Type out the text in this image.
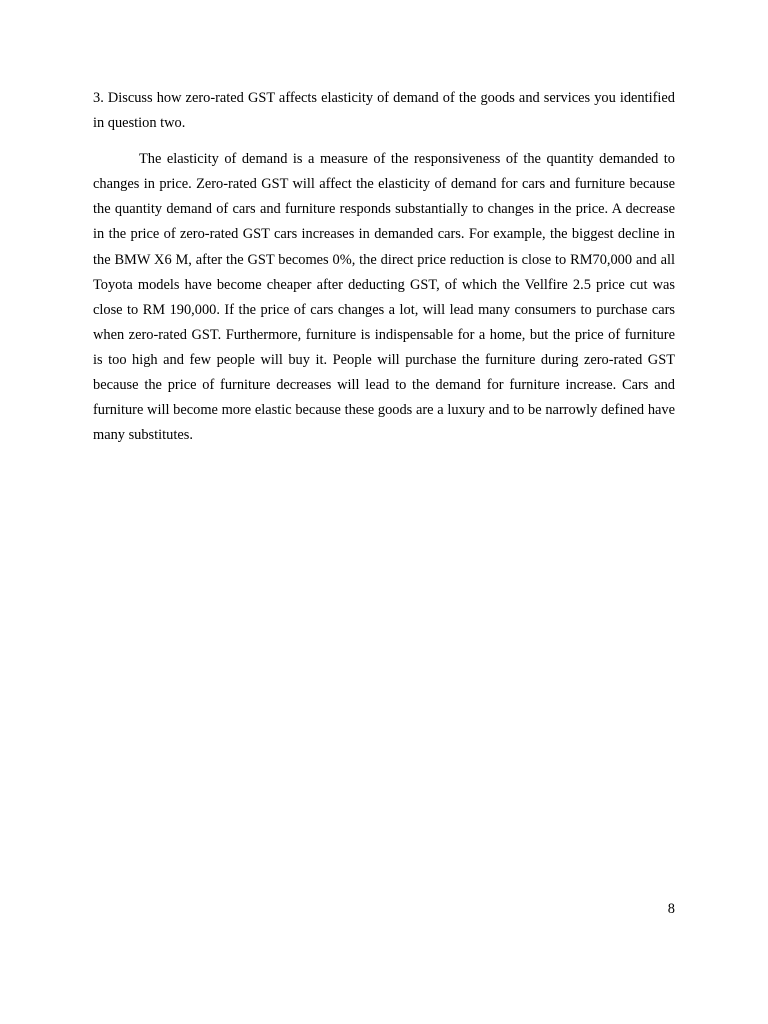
3. Discuss how zero-rated GST affects elasticity of demand of the goods and services you identified in question two.

The elasticity of demand is a measure of the responsiveness of the quantity demanded to changes in price. Zero-rated GST will affect the elasticity of demand for cars and furniture because the quantity demand of cars and furniture responds substantially to changes in the price. A decrease in the price of zero-rated GST cars increases in demanded cars. For example, the biggest decline in the BMW X6 M, after the GST becomes 0%, the direct price reduction is close to RM70,000 and all Toyota models have become cheaper after deducting GST, of which the Vellfire 2.5 price cut was close to RM 190,000. If the price of cars changes a lot, will lead many consumers to purchase cars when zero-rated GST. Furthermore, furniture is indispensable for a home, but the price of furniture is too high and few people will buy it. People will purchase the furniture during zero-rated GST because the price of furniture decreases will lead to the demand for furniture increase. Cars and furniture will become more elastic because these goods are a luxury and to be narrowly defined have many substitutes.

8
